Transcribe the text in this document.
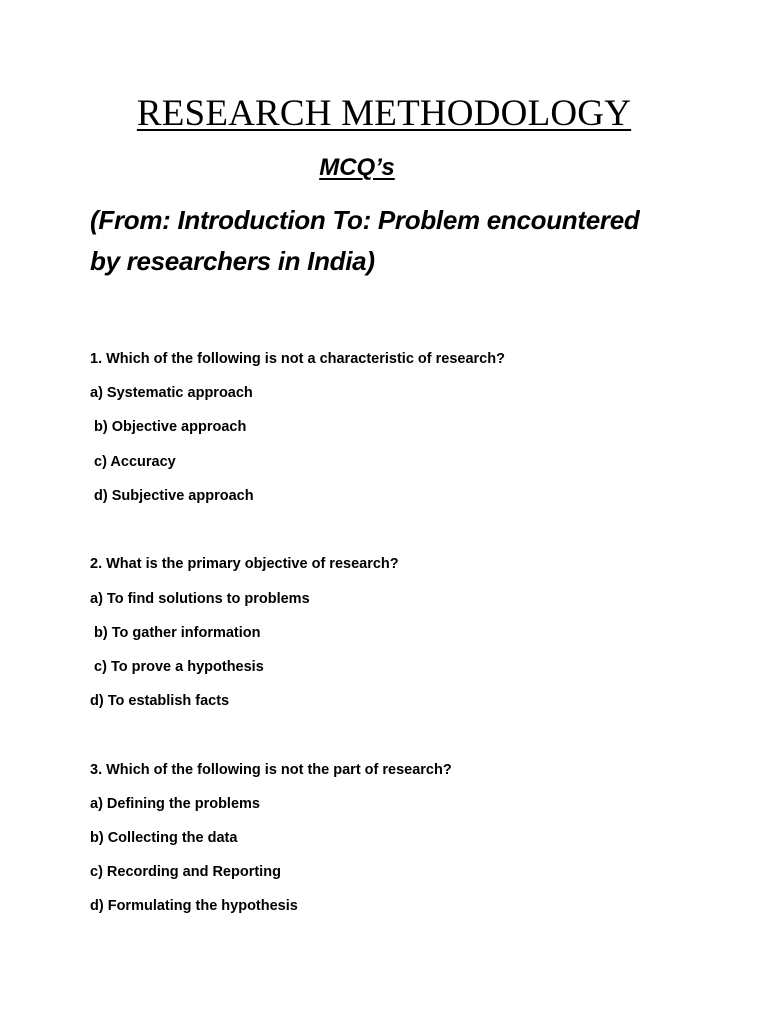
RESEARCH METHODOLOGY
MCQ’s
(From: Introduction To: Problem encountered
by researchers in India)
1. Which of the following is not a characteristic of research?
a) Systematic approach
b) Objective approach
c) Accuracy
d) Subjective approach
2. What is the primary objective of research?
a) To find solutions to problems
b) To gather information
c) To prove a hypothesis
d) To establish facts
3. Which of the following is not the part of research?
a) Defining the problems
b) Collecting the data
c) Recording and Reporting
d) Formulating the hypothesis
